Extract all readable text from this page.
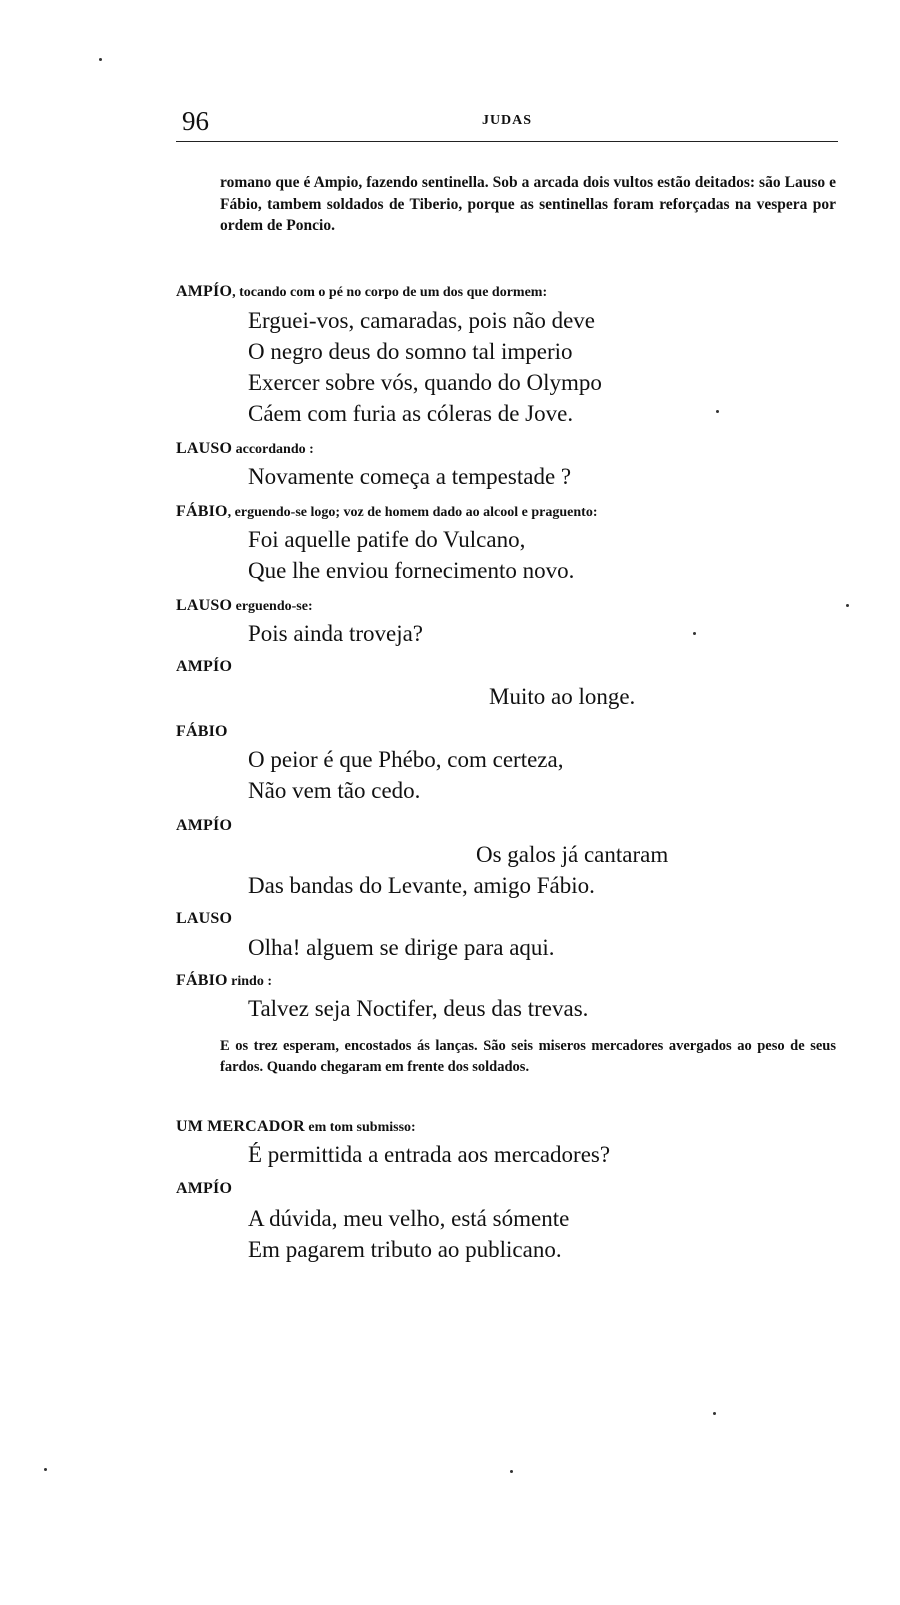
96	JUDAS
romano que é Ampio, fazendo sentinella. Sob a arcada dois vultos estão deitados: são Lauso e Fábio, tambem soldados de Tiberio, porque as sentinellas foram reforçadas na vespera por ordem de Poncio.
AMPÍO, tocando com o pé no corpo de um dos que dormem:
Erguei-vos, camaradas, pois não deve
O negro deus do somno tal imperio
Exercer sobre vós, quando do Olympo
Cáem com furia as cóleras de Jove.
LAUSO accordando :
Novamente começa a tempestade ?
FÁBIO, erguendo-se logo; voz de homem dado ao alcool e praguento:
Foi aquelle patife do Vulcano,
Que lhe enviou fornecimento novo.
LAUSO erguendo-se:
Pois ainda troveja?
AMPÍO
Muito ao longe.
FÁBIO
O peior é que Phébo, com certeza,
Não vem tão cedo.
AMPÍO
Os galos já cantaram
Das bandas do Levante, amigo Fábio.
LAUSO
Olha! alguem se dirige para aqui.
FÁBIO rindo :
Talvez seja Noctifer, deus das trevas.
E os trez esperam, encostados ás lanças. São seis miseros mercadores avergados ao peso de seus fardos. Quando chegaram em frente dos soldados.
UM MERCADOR em tom submisso:
É permittida a entrada aos mercadores?
AMPÍO
A dúvida, meu velho, está sómente
Em pagarem tributo ao publicano.
